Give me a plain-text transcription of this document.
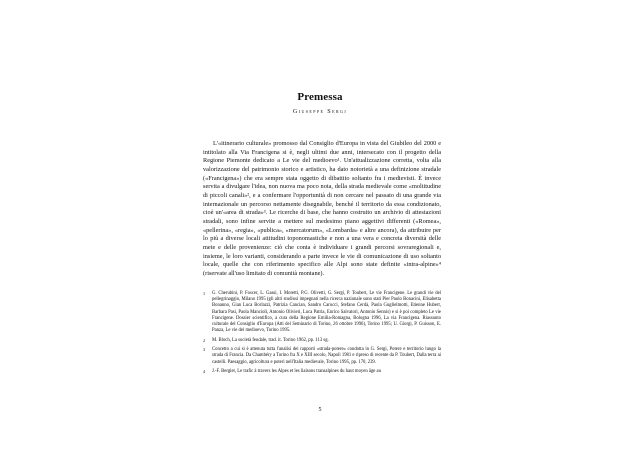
Premessa
Giuseppe Sergi

L'«itinerario culturale» promosso dal Consiglio d'Europa in vista del Giubileo del 2000 e intitolato alla Via Francigena si è, negli ultimi due anni, intersecato con il progetto della Regione Piemonte dedicato a Le vie del medioevo¹. Un'attualizzazione corretta, volta alla valorizzazione del patrimonio storico e artistico, ha dato notorietà a una definizione stradale («Francigena») che era sempre stata oggetto di dibattito soltanto fra i medievisti. È invece servita a divulgare l'idea, non nuova ma poco nota, della strada medievale come «moltitudine di piccoli canali»², e a confermare l'opportunità di non cercare nel passato di una grande via internazionale un percorso nettamente disegnabile, benché il territorio da essa condizionato, cioè un'«area di strada»³. Le ricerche di base, che hanno costruito un archivio di attestazioni stradali, sono infine servite a mettere sul medesimo piano aggettivi differenti («Romea», «pellerina», «regia», «publica», «mercatorum», «Lombarda» e altre ancora), da attribuire per lo più a diverse locali attitudini toponomastiche e non a una vera e concreta diversità delle mete e delle provenienze: ciò che conta è individuare i grandi percorsi sovraregionali e, insieme, le loro varianti, considerando a parte invece le vie di comunicazione di uso soltanto locale, quelle che con riferimento specifico alle Alpi sono state definite «intra-alpine»⁴ (riservate all'uso limitato di comunità montane).

1	G. Cherubini, P. Foscer, L. Gassi, I. Moretti, P.G. Olivetti, G. Sergi, P. Toubert, Le vie Francigene. Le grandi vie del pellegrinaggio, Milano 1995 (gli altri studiosi impegnati nella ricerca nazionale sono stati Pier Paolo Bonacini, Elisabetta Bonanno, Gian Luca Borlazzi, Patrizia Cancian, Sandro Carocci, Stefano Cerdà, Paola Guglielmotti, Etienne Hubert, Barbara Pasi, Paola Mancioli, Antonio Olivieri, Luca Patria, Enrico Salvatori, Antonio Sennis) e si è poi completo Le vie Francigene. Dossier scientifico, a cura della Regione Emilia-Romagna, Bologna 1996, La via Francigena. Riassunto culturale del Consiglio d'Europa (Atti del Seminario di Torino, 26 ottobre 1996), Torino 1995; U. Giorgi, P. Guisson, E. Panza, Le vie del medioevo, Torino 1995.
2	M. Bloch, La società feudale, trad. it. Torino 1962, pp. 113 sg.
3	Concetto a cui si è attenuta tutta l'analisi dei rapporti «strada-potere» condotta in G. Sergi, Potere e territorio lungo la strada di Francia. Da Chambéry a Torino fra X e XIII secolo, Napoli 1981 e ripreso di recente da P. Toubert, Dalla terra ai castelli. Paesaggio, agricoltura e poteri nell'Italia medievale, Torino 1995, pp. 170, 239.
4	J.-F. Bergier, Le trafic à travers les Alpes et les liaisons transalpines du haut moyen âge au
5
